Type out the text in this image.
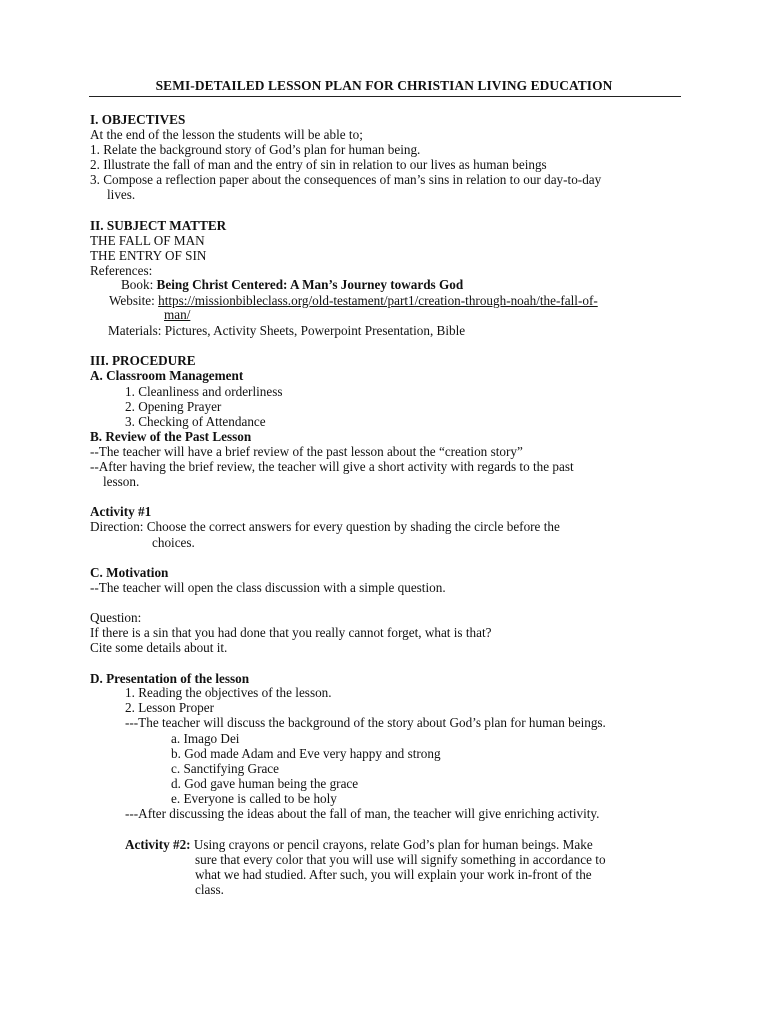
SEMI-DETAILED LESSON PLAN FOR CHRISTIAN LIVING EDUCATION
I. OBJECTIVES
At the end of the lesson the students will be able to;
1. Relate the background story of God’s plan for human being.
2. Illustrate the fall of man and the entry of sin in relation to our lives as human beings
3. Compose a reflection paper about the consequences of man’s sins in relation to our day-to-day
lives.
II. SUBJECT MATTER
THE FALL OF MAN
THE ENTRY OF SIN
References:
Book: Being Christ Centered: A Man’s Journey towards God
Website: https://missionbibleclass.org/old-testament/part1/creation-through-noah/the-fall-of-
man/
Materials: Pictures, Activity Sheets, Powerpoint Presentation, Bible
III. PROCEDURE
A. Classroom Management
1. Cleanliness and orderliness
2. Opening Prayer
3. Checking of Attendance
B. Review of the Past Lesson
--The teacher will have a brief review of the past lesson about the “creation story”
--After having the brief review, the teacher will give a short activity with regards to the past
lesson.
Activity #1
Direction: Choose the correct answers for every question by shading the circle before the
choices.
C. Motivation
--The teacher will open the class discussion with a simple question.
Question:
If there is a sin that you had done that you really cannot forget, what is that?
Cite some details about it.
D. Presentation of the lesson
1. Reading the objectives of the lesson.
2. Lesson Proper
---The teacher will discuss the background of the story about God’s plan for human beings.
a. Imago Dei
b. God made Adam and Eve very happy and strong
c. Sanctifying Grace
d. God gave human being the grace
e. Everyone is called to be holy
---After discussing the ideas about the fall of man, the teacher will give enriching activity.
Activity #2: Using crayons or pencil crayons, relate God’s plan for human beings. Make
sure that every color that you will use will signify something in accordance to
what we had studied. After such, you will explain your work in-front of the
class.
